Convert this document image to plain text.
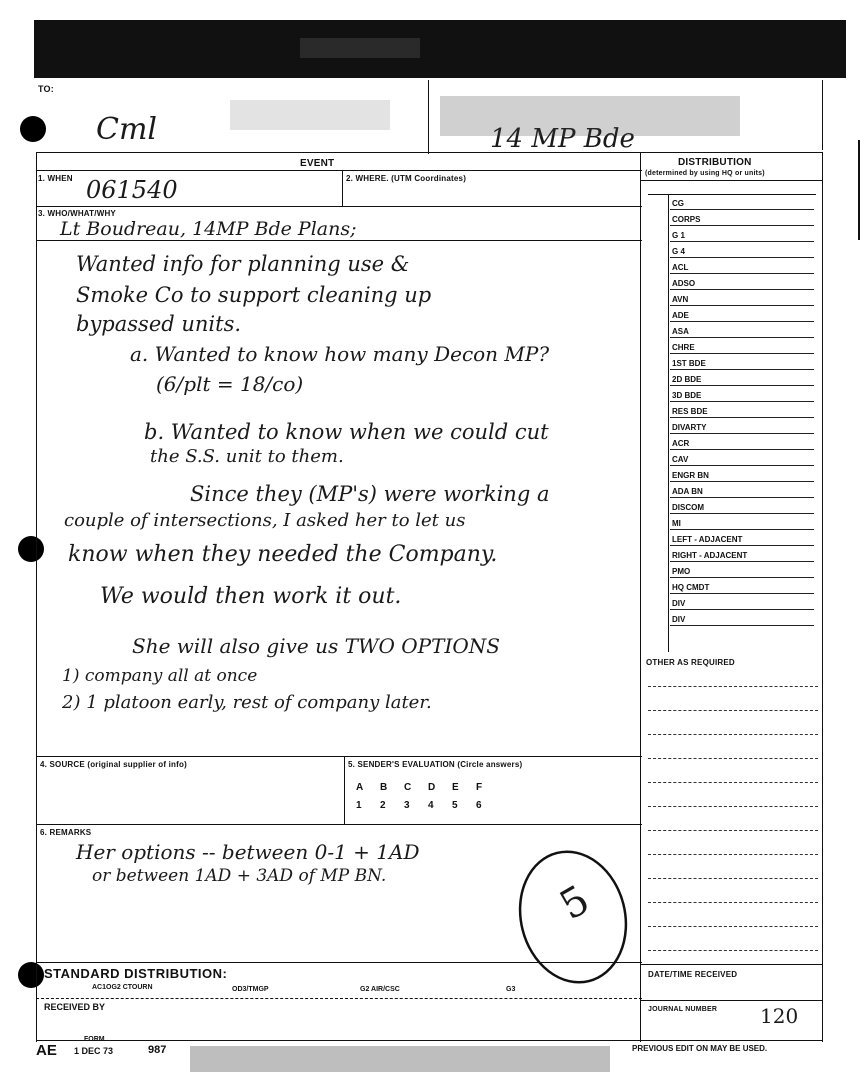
TO:
Cml	14 MP Bde
EVENT
1. WHEN 061540	2. WHERE. (UTM Coordinates)
3. WHO/WHAT/WHY
Lt Boudreau, 14MP Bde Plans;
Wanted info for planning use &
Smoke Co to support cleaning up
bypassed units.
a. Wanted to know how many Decon MP?
(6/plt = 18/co)
b. Wanted to know when we could cut
the S.S. unit to them.
Since they (MP's) were working a
couple of intersections, I asked her to let us
know when they needed the Company.
We would then work it out.
She will also give us TWO OPTIONS
1) company all at once
2) 1 platoon early, rest of company later.
DISTRIBUTION
(determined by using HQ or units)
CG
CORPS
G 1
G 4
ACL
ADSO
AVN
ADE
ASA
CHRE
1ST BDE
2D BDE
3D BDE
RES BDE
DIVARTY
ACR
CAV
ENGR BN
ADA BN
DISCOM
MI
LEFT - ADJACENT
RIGHT - ADJACENT
PMO
HQ CMDT
DIV
DIV
OTHER AS REQUIRED
DATE/TIME RECEIVED
JOURNAL NUMBER 120
4. SOURCE (original supplier of info)	5. SENDER'S EVALUATION (Circle answers)
A B C D E F
1 2 3 4 5 6
6. REMARKS
Her options -- between 0-1 + 1AD
or between 1AD + 3AD of MP BN.
5
STANDARD DISTRIBUTION:
AC1OG2 CTOURN	OD3/TMGP	G2 AIR/CSC	G3
RECEIVED BY
FORM
AE 1 DEC 73	987	PREVIOUS EDIT ON MAY BE USED.
